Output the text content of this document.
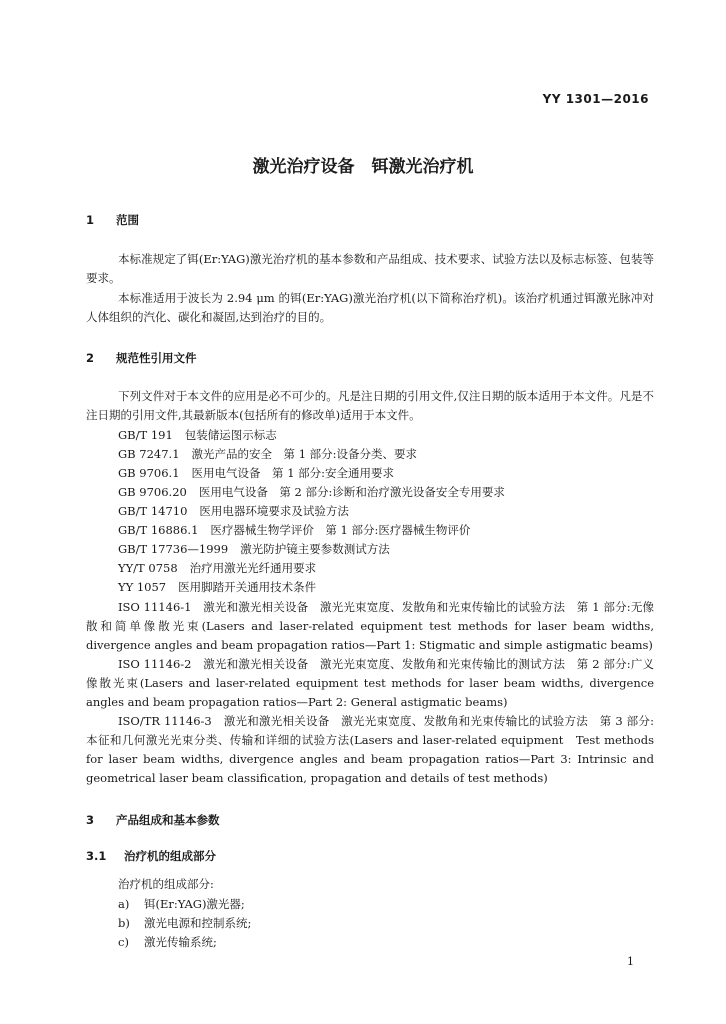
YY 1301—2016
激光治疗设备　铒激光治疗机
1 范围

本标准规定了铒(Er:YAG)激光治疗机的基本参数和产品组成、技术要求、试验方法以及标志标签、包装等要求。

本标准适用于波长为 2.94 μm 的铒(Er:YAG)激光治疗机(以下简称治疗机)。该治疗机通过铒激光脉冲对人体组织的汽化、碳化和凝固,达到治疗的目的。

2 规范性引用文件

下列文件对于本文件的应用是必不可少的。凡是注日期的引用文件,仅注日期的版本适用于本文件。凡是不注日期的引用文件,其最新版本(包括所有的修改单)适用于本文件。

GB/T 191 包装储运图示标志
GB 7247.1 激光产品的安全　第 1 部分:设备分类、要求
GB 9706.1 医用电气设备　第 1 部分:安全通用要求
GB 9706.20 医用电气设备　第 2 部分:诊断和治疗激光设备安全专用要求
GB/T 14710 医用电器环境要求及试验方法
GB/T 16886.1 医疗器械生物学评价　第 1 部分:医疗器械生物评价
GB/T 17736—1999 激光防护镜主要参数测试方法
YY/T 0758 治疗用激光光纤通用要求
YY 1057 医用脚踏开关通用技术条件

ISO 11146-1　激光和激光相关设备　激光光束宽度、发散角和光束传输比的试验方法　第 1 部分:无像散和简单像散光束(Lasers and laser-related equipment test methods for laser beam widths, divergence angles and beam propagation ratios—Part 1: Stigmatic and simple astigmatic beams)

ISO 11146-2　激光和激光相关设备　激光光束宽度、发散角和光束传输比的测试方法　第 2 部分:广义像散光束(Lasers and laser-related equipment test methods for laser beam widths, divergence angles and beam propagation ratios—Part 2: General astigmatic beams)

ISO/TR 11146-3　激光和激光相关设备　激光光束宽度、发散角和光束传输比的试验方法　第 3 部分:本征和几何激光光束分类、传输和详细的试验方法(Lasers and laser-related equipment　Test methods for laser beam widths, divergence angles and beam propagation ratios—Part 3: Intrinsic and geometrical laser beam classification, propagation and details of test methods)

3 产品组成和基本参数
3.1 治疗机的组成部分
治疗机的组成部分:
a) 铒(Er:YAG)激光器;
b) 激光电源和控制系统;
c) 激光传输系统;
1
